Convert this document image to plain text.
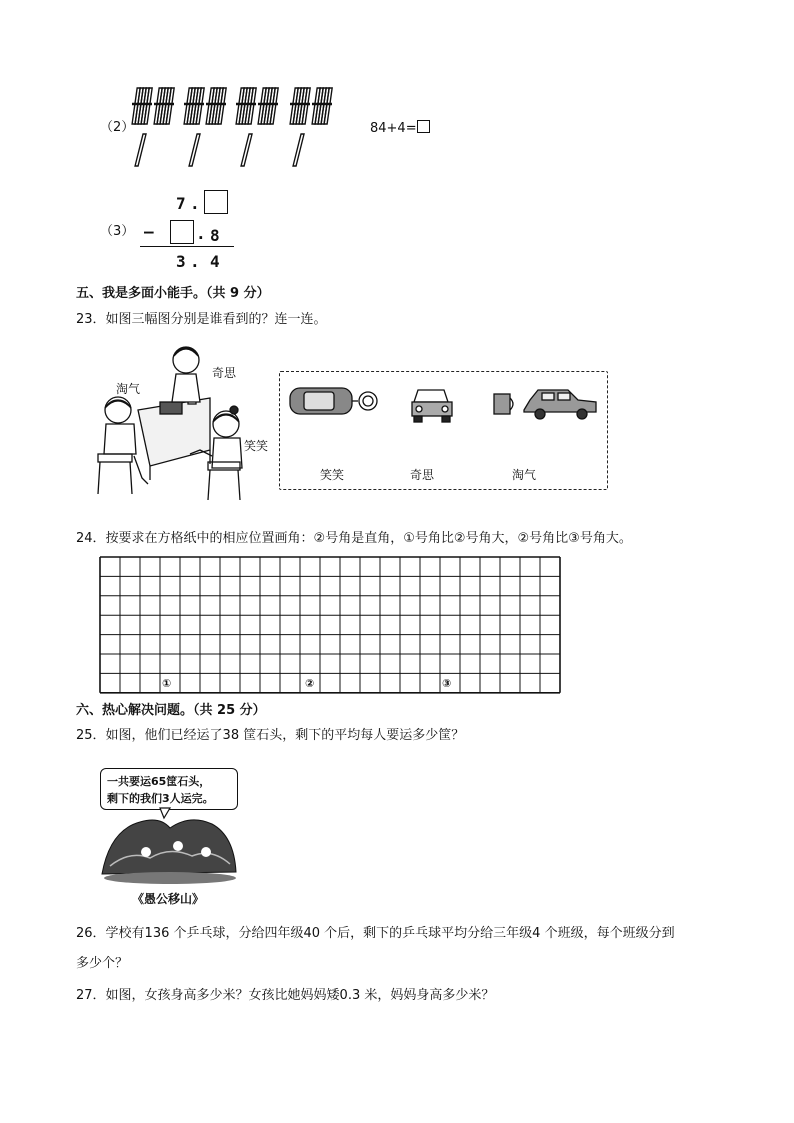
（2）	84+4=
（3）
7 .
—	. 8
3 . 4
五、我是多面小能手。（共 9 分）
23．如图三幅图分别是谁看到的？连一连。
淘气
奇思
笑笑
笑笑	奇思	淘气
24．按要求在方格纸中的相应位置画角：②号角是直角，①号角比②号角大，②号角比③号角大。
①	②	③
六、热心解决问题。（共 25 分）
25．如图，他们已经运了38 筐石头，剩下的平均每人要运多少筐？
一共要运65筐石头，
剩下的我们3人运完。
《愚公移山》
26．学校有136 个乒乓球，分给四年级40 个后，剩下的乒乓球平均分给三年级4 个班级，每个班级分到
多少个？
27．如图，女孩身高多少米？女孩比她妈妈矮0.3 米，妈妈身高多少米？
